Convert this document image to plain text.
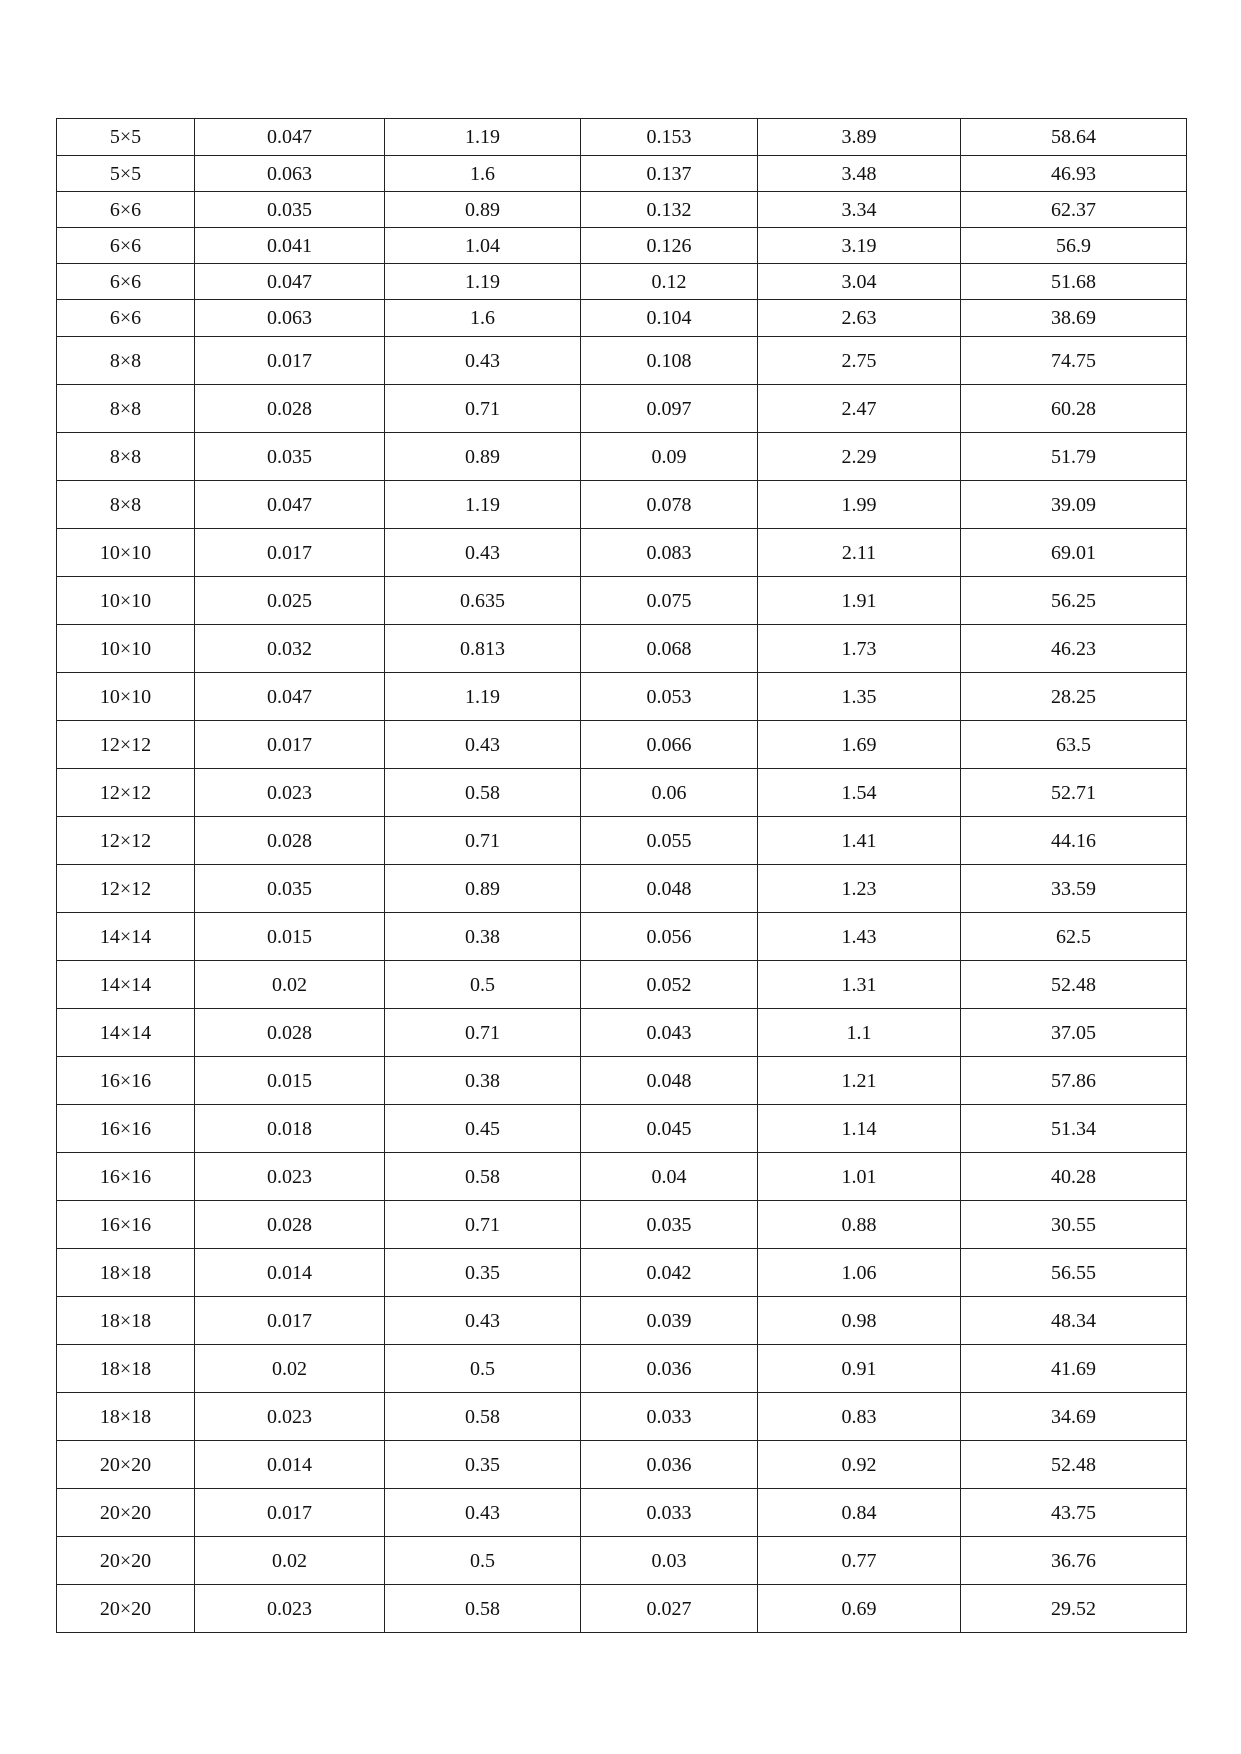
5×5	0.047	1.19	0.153	3.89	58.64
5×5	0.063	1.6	0.137	3.48	46.93
6×6	0.035	0.89	0.132	3.34	62.37
6×6	0.041	1.04	0.126	3.19	56.9
6×6	0.047	1.19	0.12	3.04	51.68
6×6	0.063	1.6	0.104	2.63	38.69
8×8	0.017	0.43	0.108	2.75	74.75
8×8	0.028	0.71	0.097	2.47	60.28
8×8	0.035	0.89	0.09	2.29	51.79
8×8	0.047	1.19	0.078	1.99	39.09
10×10	0.017	0.43	0.083	2.11	69.01
10×10	0.025	0.635	0.075	1.91	56.25
10×10	0.032	0.813	0.068	1.73	46.23
10×10	0.047	1.19	0.053	1.35	28.25
12×12	0.017	0.43	0.066	1.69	63.5
12×12	0.023	0.58	0.06	1.54	52.71
12×12	0.028	0.71	0.055	1.41	44.16
12×12	0.035	0.89	0.048	1.23	33.59
14×14	0.015	0.38	0.056	1.43	62.5
14×14	0.02	0.5	0.052	1.31	52.48
14×14	0.028	0.71	0.043	1.1	37.05
16×16	0.015	0.38	0.048	1.21	57.86
16×16	0.018	0.45	0.045	1.14	51.34
16×16	0.023	0.58	0.04	1.01	40.28
16×16	0.028	0.71	0.035	0.88	30.55
18×18	0.014	0.35	0.042	1.06	56.55
18×18	0.017	0.43	0.039	0.98	48.34
18×18	0.02	0.5	0.036	0.91	41.69
18×18	0.023	0.58	0.033	0.83	34.69
20×20	0.014	0.35	0.036	0.92	52.48
20×20	0.017	0.43	0.033	0.84	43.75
20×20	0.02	0.5	0.03	0.77	36.76
20×20	0.023	0.58	0.027	0.69	29.52
